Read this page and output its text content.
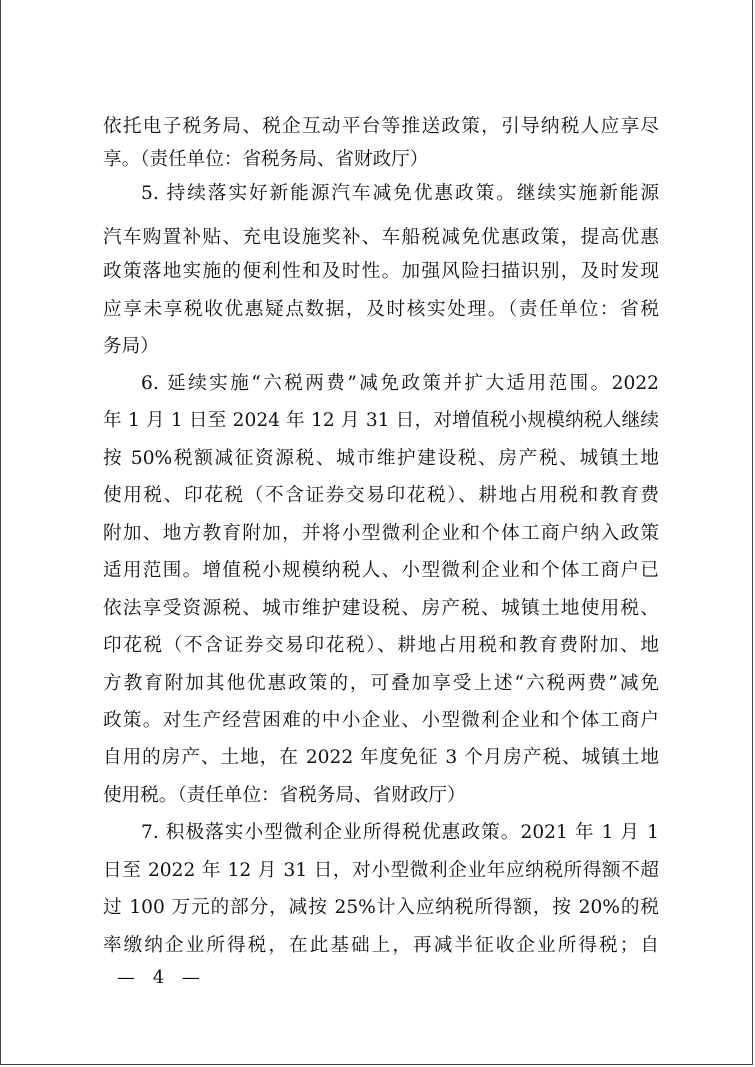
依托电子税务局、税企互动平台等推送政策，引导纳税人应享尽
享。（责任单位：省税务局、省财政厅）
5. 持续落实好新能源汽车减免优惠政策。继续实施新能源
汽车购置补贴、充电设施奖补、车船税减免优惠政策，提高优惠
政策落地实施的便利性和及时性。加强风险扫描识别，及时发现
应享未享税收优惠疑点数据，及时核实处理。（责任单位：省税
务局）
6. 延续实施“六税两费”减免政策并扩大适用范围。2022
年 1 月 1 日至 2024 年 12 月 31 日，对增值税小规模纳税人继续
按 50%税额减征资源税、城市维护建设税、房产税、城镇土地
使用税、印花税（不含证券交易印花税）、耕地占用税和教育费
附加、地方教育附加，并将小型微利企业和个体工商户纳入政策
适用范围。增值税小规模纳税人、小型微利企业和个体工商户已
依法享受资源税、城市维护建设税、房产税、城镇土地使用税、
印花税（不含证券交易印花税）、耕地占用税和教育费附加、地
方教育附加其他优惠政策的，可叠加享受上述“六税两费”减免
政策。对生产经营困难的中小企业、小型微利企业和个体工商户
自用的房产、土地，在 2022 年度免征 3 个月房产税、城镇土地
使用税。（责任单位：省税务局、省财政厅）
7. 积极落实小型微利企业所得税优惠政策。2021 年 1 月 1
日至 2022 年 12 月 31 日，对小型微利企业年应纳税所得额不超
过 100 万元的部分，减按 25%计入应纳税所得额，按 20%的税
率缴纳企业所得税，在此基础上，再减半征收企业所得税；自
— 4 —
